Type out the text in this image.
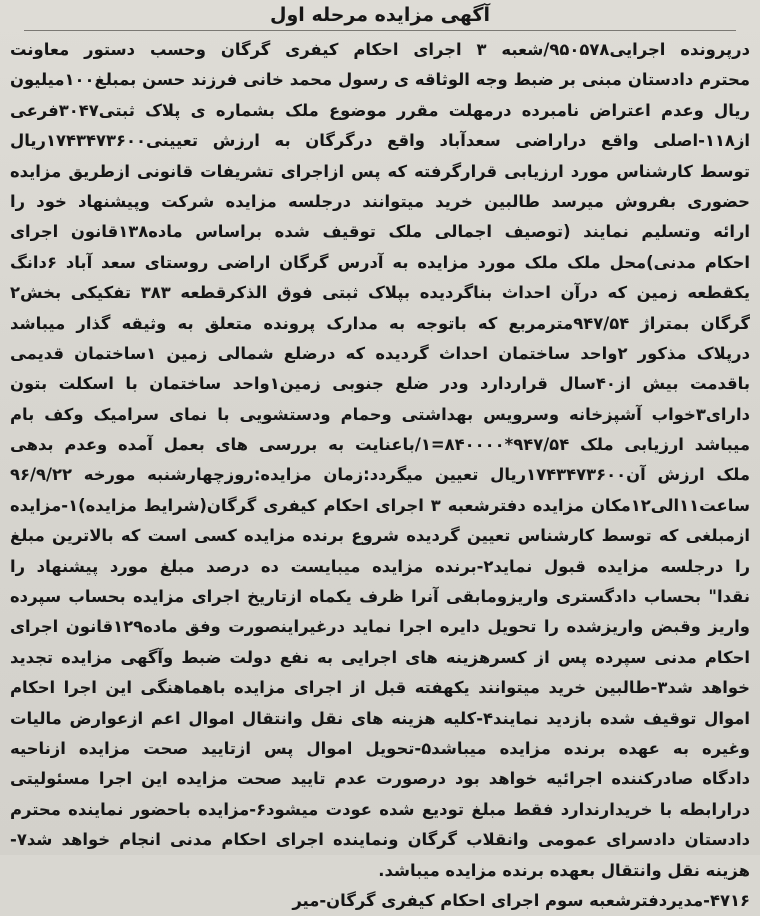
آگهی مزایده مرحله اول
درپرونده اجرایی۹۵۰۵۷۸/شعبه ۳ اجرای احکام کیفری گرگان وحسب دستور معاونت
محترم دادستان مبنی بر ضبط وجه الوثاقه ی رسول محمد خانی فرزند حسن بمبلغ۱۰۰میلیون
ریال وعدم اعتراض نامبرده درمهلت مقرر موضوع ملک بشماره ی پلاک ثبتی۳۰۴۷فرعی
از۱۱۸-اصلی واقع دراراضی سعدآباد واقع درگرگان به ارزش تعیینی۱۷۴۳۴۷۳۶۰۰ریال
توسط کارشناس مورد ارزیابی قرارگرفته که پس ازاجرای تشریفات قانونی ازطریق مزایده
حضوری بفروش میرسد طالبین خرید میتوانند درجلسه مزایده شرکت وپیشنهاد خود را
ارائه وتسلیم نمایند (توصیف اجمالی ملک توقیف شده براساس ماده۱۳۸قانون اجرای
احکام مدنی)محل ملک ملک مورد مزایده به آدرس گرگان اراضی روستای سعد آباد ۶دانگ
یکقطعه زمین که درآن احداث بناگردیده بپلاک ثبتی فوق الذکرقطعه ۳۸۳ تفکیکی بخش۲
گرگان بمتراژ ۹۴۷/۵۴مترمربع که باتوجه به مدارک پرونده متعلق به وثیقه گذار میباشد
درپلاک مذکور ۲واحد ساختمان احداث گردیده که درضلع شمالی زمین ۱ساختمان قدیمی
باقدمت بیش از۴۰سال قراردارد ودر ضلع جنوبی زمین۱واحد ساختمان با اسکلت بتون
دارای۳خواب آشپزخانه وسرویس بهداشتی وحمام ودستشویی با نمای سرامیک وکف بام
میباشد ارزیابی ملک ۹۴۷/۵۴*۸۴۰۰۰۰=۱/باعنایت به بررسی های بعمل آمده وعدم بدهی
ملک ارزش آن۱۷۴۳۴۷۳۶۰۰ریال تعیین میگردد:زمان مزایده:روزچهارشنبه مورخه ۹۶/۹/۲۲
ساعت۱۱الی۱۲مکان مزایده دفترشعبه ۳ اجرای احکام کیفری گرگان(شرایط مزایده)۱-مزایده
ازمبلغی که توسط کارشناس تعیین گردیده شروع برنده مزایده کسی است که بالاترین مبلغ
را درجلسه مزایده قبول نماید۲-برنده مزایده میبایست ده درصد مبلغ مورد پیشنهاد را
نقدا" بحساب دادگستری واریزومابقی آنرا ظرف یکماه ازتاریخ اجرای مزایده بحساب سپرده
واریز وقبض واریزشده را تحویل دایره اجرا نماید درغیراینصورت وفق ماده۱۲۹قانون اجرای
احکام مدنی سپرده پس از کسرهزینه های اجرایی به نفع دولت ضبط وآگهی مزایده تجدید
خواهد شد۳-طالبین خرید میتوانند یکهفته قبل از اجرای مزایده باهماهنگی این اجرا احکام
اموال توقیف شده بازدید نمایند۴-کلیه هزینه های نقل وانتقال اموال اعم ازعوارض مالیات
وغیره به عهده برنده مزایده میباشد۵-تحویل اموال پس ازتایید صحت مزایده ازناحیه
دادگاه صادرکننده اجرائیه خواهد بود درصورت عدم تایید صحت مزایده این اجرا مسئولیتی
درارابطه با خریدارندارد فقط مبلغ تودیع شده عودت میشود۶-مزایده باحضور نماینده محترم
دادستان دادسرای عمومی وانقلاب گرگان ونماینده اجرای احکام مدنی انجام خواهد شد۷-
هزینه نقل وانتقال بعهده برنده مزایده میباشد.
۴۷۱۶-مدیردفترشعبه سوم اجرای احکام کیفری گرگان-میر
